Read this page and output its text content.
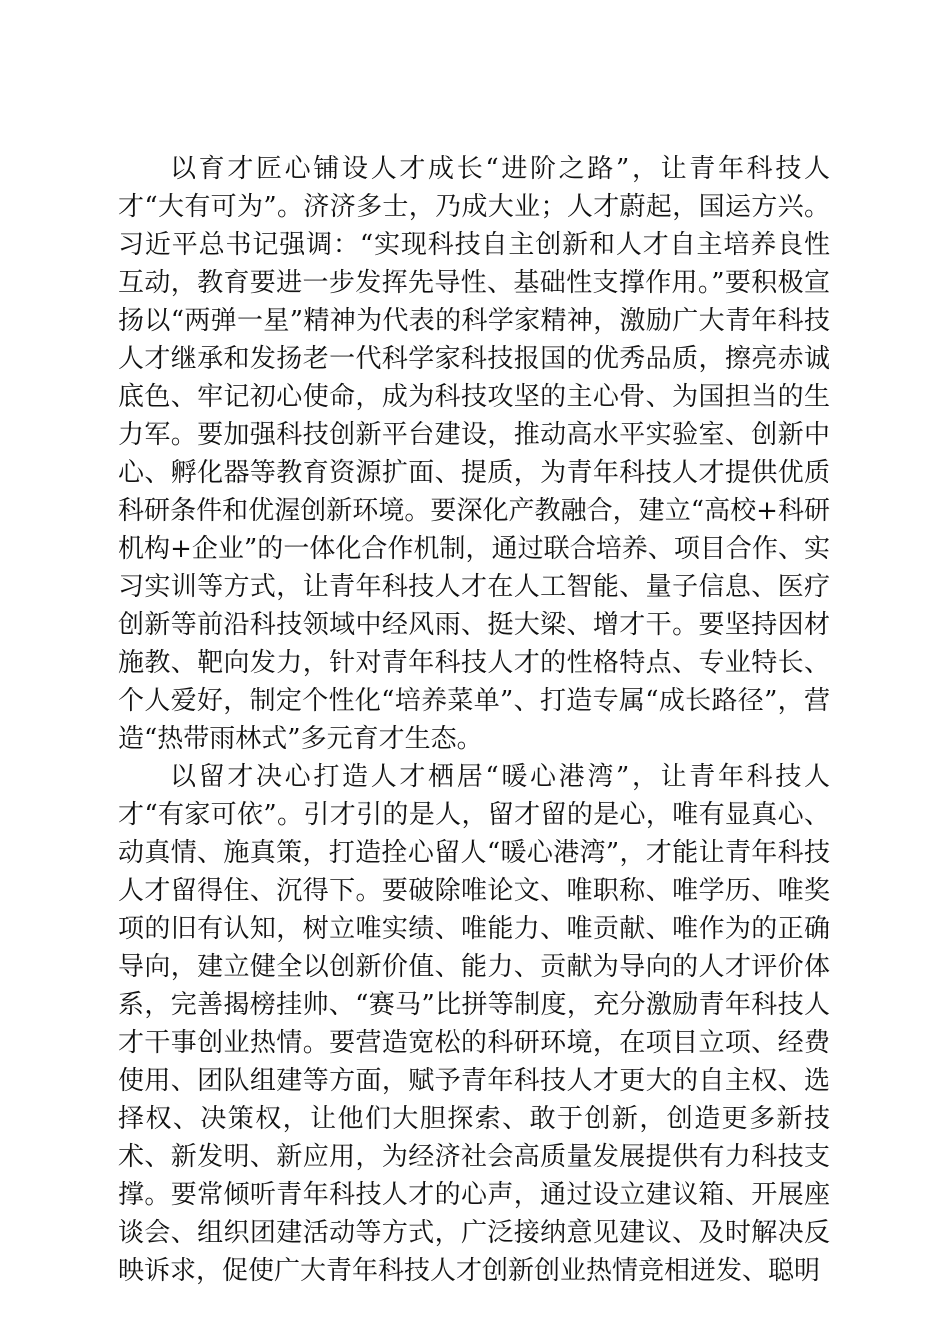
以育才匠心铺设人才成长“进阶之路”，让青年科技人才“大有可为”。济济多士，乃成大业；人才蔚起，国运方兴。习近平总书记强调：“实现科技自主创新和人才自主培养良性互动，教育要进一步发挥先导性、基础性支撑作用。”要积极宣扬以“两弹一星”精神为代表的科学家精神，激励广大青年科技人才继承和发扬老一代科学家科技报国的优秀品质，擦亮赤诚底色、牢记初心使命，成为科技攻坚的主心骨、为国担当的生力军。要加强科技创新平台建设，推动高水平实验室、创新中心、孵化器等教育资源扩面、提质，为青年科技人才提供优质科研条件和优渥创新环境。要深化产教融合，建立“高校+科研机构+企业”的一体化合作机制，通过联合培养、项目合作、实习实训等方式，让青年科技人才在人工智能、量子信息、医疗创新等前沿科技领域中经风雨、挺大梁、增才干。要坚持因材施教、靶向发力，针对青年科技人才的性格特点、专业特长、个人爱好，制定个性化“培养菜单”、打造专属“成长路径”，营造“热带雨林式”多元育才生态。

以留才决心打造人才栖居“暖心港湾”，让青年科技人才“有家可依”。引才引的是人，留才留的是心，唯有显真心、动真情、施真策，打造拴心留人“暖心港湾”，才能让青年科技人才留得住、沉得下。要破除唯论文、唯职称、唯学历、唯奖项的旧有认知，树立唯实绩、唯能力、唯贡献、唯作为的正确导向，建立健全以创新价值、能力、贡献为导向的人才评价体系，完善揭榜挂帅、“赛马”比拼等制度，充分激励青年科技人才干事创业热情。要营造宽松的科研环境，在项目立项、经费使用、团队组建等方面，赋予青年科技人才更大的自主权、选择权、决策权，让他们大胆探索、敢于创新，创造更多新技术、新发明、新应用，为经济社会高质量发展提供有力科技支撑。要常倾听青年科技人才的心声，通过设立建议箱、开展座谈会、组织团建活动等方式，广泛接纳意见建议、及时解决反映诉求，促使广大青年科技人才创新创业热情竞相迸发、聪明
